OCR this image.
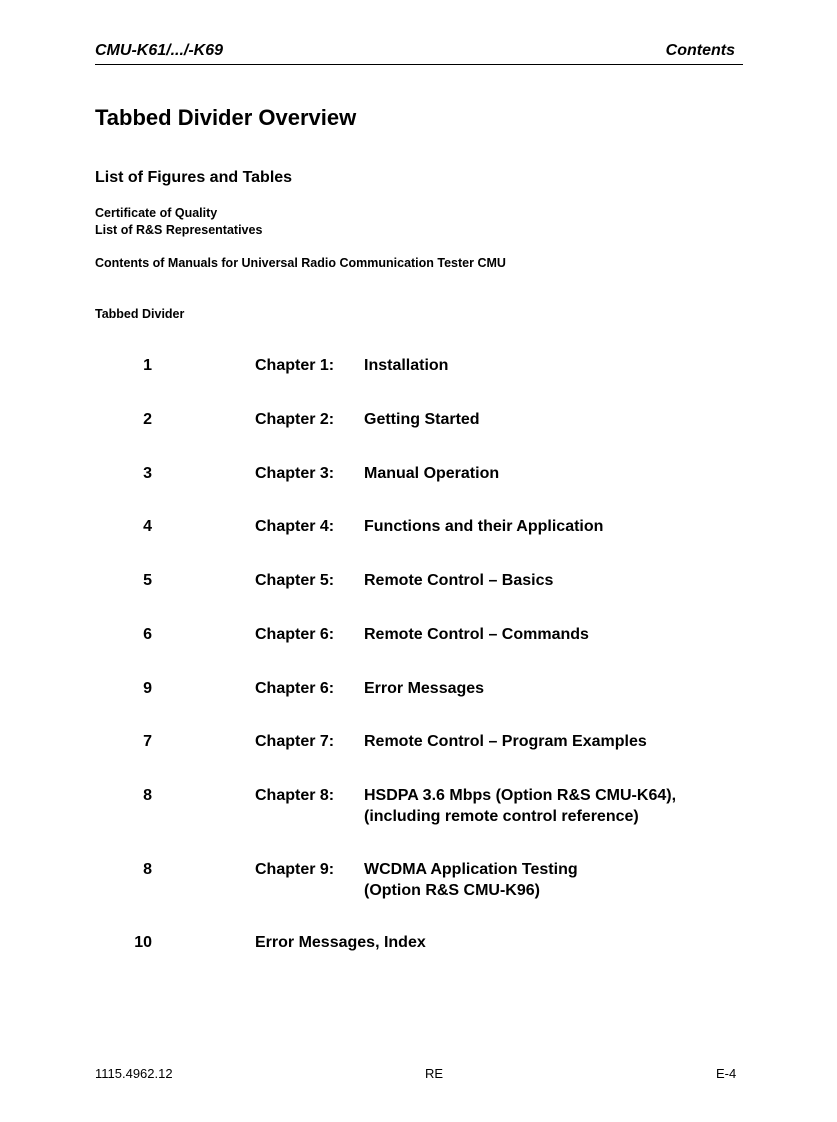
CMU-K61/.../-K69	Contents
Tabbed Divider Overview
List of Figures and Tables
Certificate of Quality
List of R&S Representatives
Contents of Manuals for Universal Radio Communication Tester CMU
Tabbed Divider
1	Chapter 1: Installation
2	Chapter 2: Getting Started
3	Chapter 3: Manual Operation
4	Chapter 4: Functions and their Application
5	Chapter 5: Remote Control – Basics
6	Chapter 6: Remote Control – Commands
9	Chapter 6: Error Messages
7	Chapter 7: Remote Control – Program Examples
8	Chapter 8: HSDPA 3.6 Mbps (Option R&S CMU-K64),
(including remote control reference)
8	Chapter 9: WCDMA Application Testing
(Option R&S CMU-K96)
10	Error Messages, Index
1115.4962.12	RE	E-4
